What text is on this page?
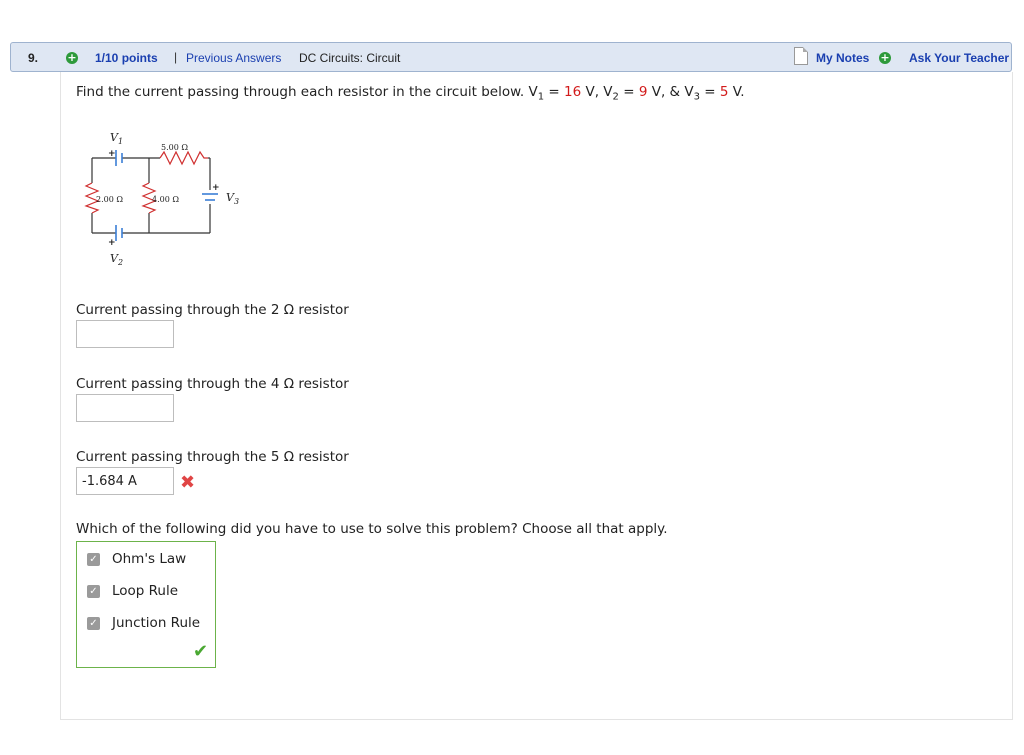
9.	+ 1/10 points | Previous Answers DC Circuits: Circuit	My Notes + Ask Your Teacher
Find the current passing through each resistor in the circuit below. $V_1 = 16$ V, $V_2 = 9$ V, & $V_3 = 5$ V.
$V_1$
+
5.00 Ω
2.00 Ω	4.00 Ω
+
$V_3$
+
$V_2$
Current passing through the 2 Ω resistor
Current passing through the 4 Ω resistor
Current passing through the 5 Ω resistor
-1.684 A
✖
Which of the following did you have to use to solve this problem? Choose all that apply.
✓ Ohm's Law
✓ Loop Rule
✓ Junction Rule
✔
